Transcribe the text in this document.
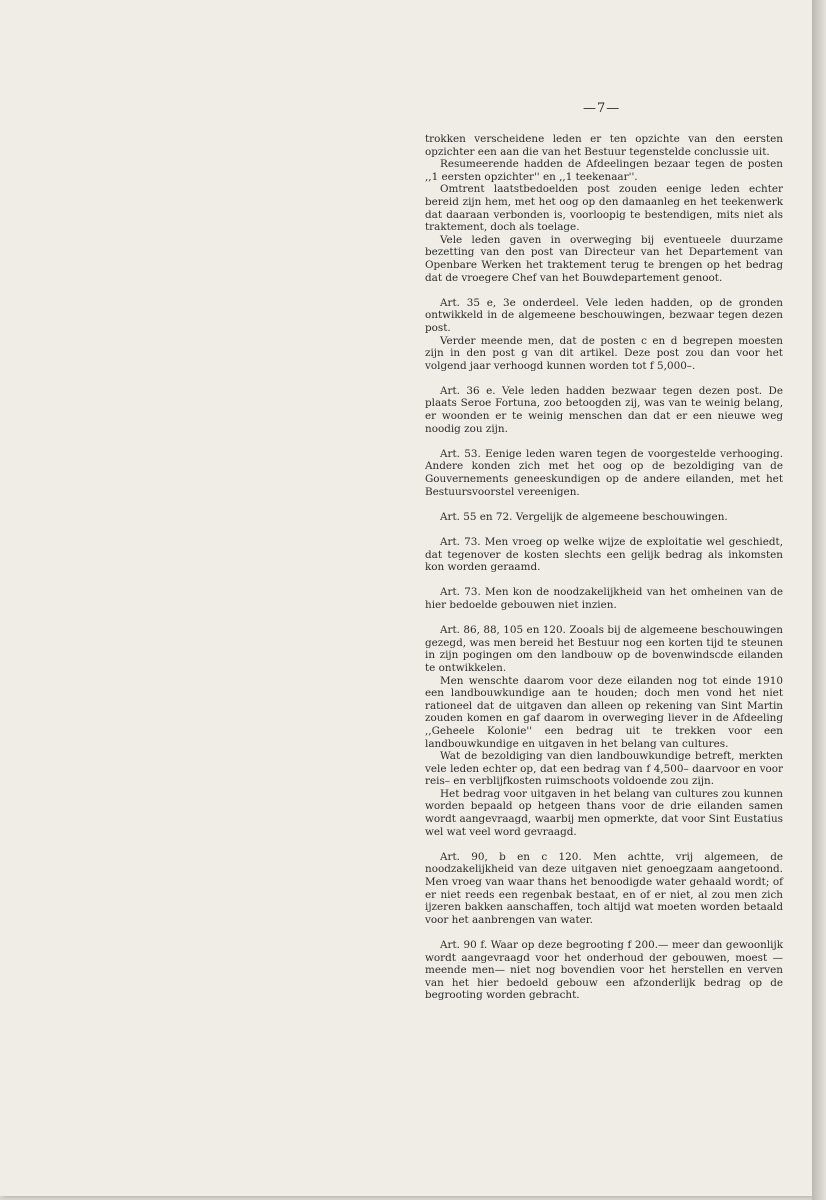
—7—

trokken verscheidene leden er ten opzichte van den eersten opzichter een aan die van het Bestuur tegenstelde conclussie uit.

Resumeerende hadden de Afdeelingen bezaar tegen de posten ,,1 eersten opzichter'' en ,,1 teekenaar''.

Omtrent laatstbedoelden post zouden eenige leden echter bereid zijn hem, met het oog op den damaanleg en het teekenwerk dat daaraan verbonden is, voorloopig te bestendigen, mits niet als traktement, doch als toelage.

Vele leden gaven in overweging bij eventueele duurzame bezetting van den post van Directeur van het Departement van Openbare Werken het traktement terug te brengen op het bedrag dat de vroegere Chef van het Bouwdepartement genoot.

Art. 35 e, 3e onderdeel. Vele leden hadden, op de gronden ontwikkeld in de algemeene beschouwingen, bezwaar tegen dezen post.

Verder meende men, dat de posten c en d begrepen moesten zijn in den post g van dit artikel. Deze post zou dan voor het volgend jaar verhoogd kunnen worden tot f 5,000–.

Art. 36 e. Vele leden hadden bezwaar tegen dezen post. De plaats Seroe Fortuna, zoo betoogden zij, was van te weinig belang, er woonden er te weinig menschen dan dat er een nieuwe weg noodig zou zijn.

Art. 53. Eenige leden waren tegen de voorgestelde verhooging. Andere konden zich met het oog op de bezoldiging van de Gouvernements geneeskundigen op de andere eilanden, met het Bestuursvoorstel vereenigen.

Art. 55 en 72. Vergelijk de algemeene beschouwingen.

Art. 73. Men vroeg op welke wijze de exploitatie wel geschiedt, dat tegenover de kosten slechts een gelijk bedrag als inkomsten kon worden geraamd.

Art. 73. Men kon de noodzakelijkheid van het omheinen van de hier bedoelde gebouwen niet inzien.

Art. 86, 88, 105 en 120. Zooals bij de algemeene beschouwingen gezegd, was men bereid het Bestuur nog een korten tijd te steunen in zijn pogingen om den landbouw op de bovenwindscde eilanden te ontwikkelen.

Men wenschte daarom voor deze eilanden nog tot einde 1910 een landbouwkundige aan te houden; doch men vond het niet rationeel dat de uitgaven dan alleen op rekening van Sint Martin zouden komen en gaf daarom in overweging liever in de Afdeeling ,,Geheele Kolonie'' een bedrag uit te trekken voor een landbouwkundige en uitgaven in het belang van cultures.

Wat de bezoldiging van dien landbouwkundige betreft, merkten vele leden echter op, dat een bedrag van f 4,500– daarvoor en voor reis– en verblijfkosten ruimschoots voldoende zou zijn.

Het bedrag voor uitgaven in het belang van cultures zou kunnen worden bepaald op hetgeen thans voor de drie eilanden samen wordt aangevraagd, waarbij men opmerkte, dat voor Sint Eustatius wel wat veel word gevraagd.

Art. 90, b en c 120. Men achtte, vrij algemeen, de noodzakelijkheid van deze uitgaven niet genoegzaam aangetoond. Men vroeg van waar thans het benoodigde water gehaald wordt; of er niet reeds een regenbak bestaat, en of er niet, al zou men zich ijzeren bakken aanschaffen, toch altijd wat moeten worden betaald voor het aanbrengen van water.

Art. 90 f. Waar op deze begrooting f 200.— meer dan gewoonlijk wordt aangevraagd voor het onderhoud der gebouwen, moest —meende men— niet nog bovendien voor het herstellen en verven van het hier bedoeld gebouw een afzonderlijk bedrag op de begrooting worden gebracht.
